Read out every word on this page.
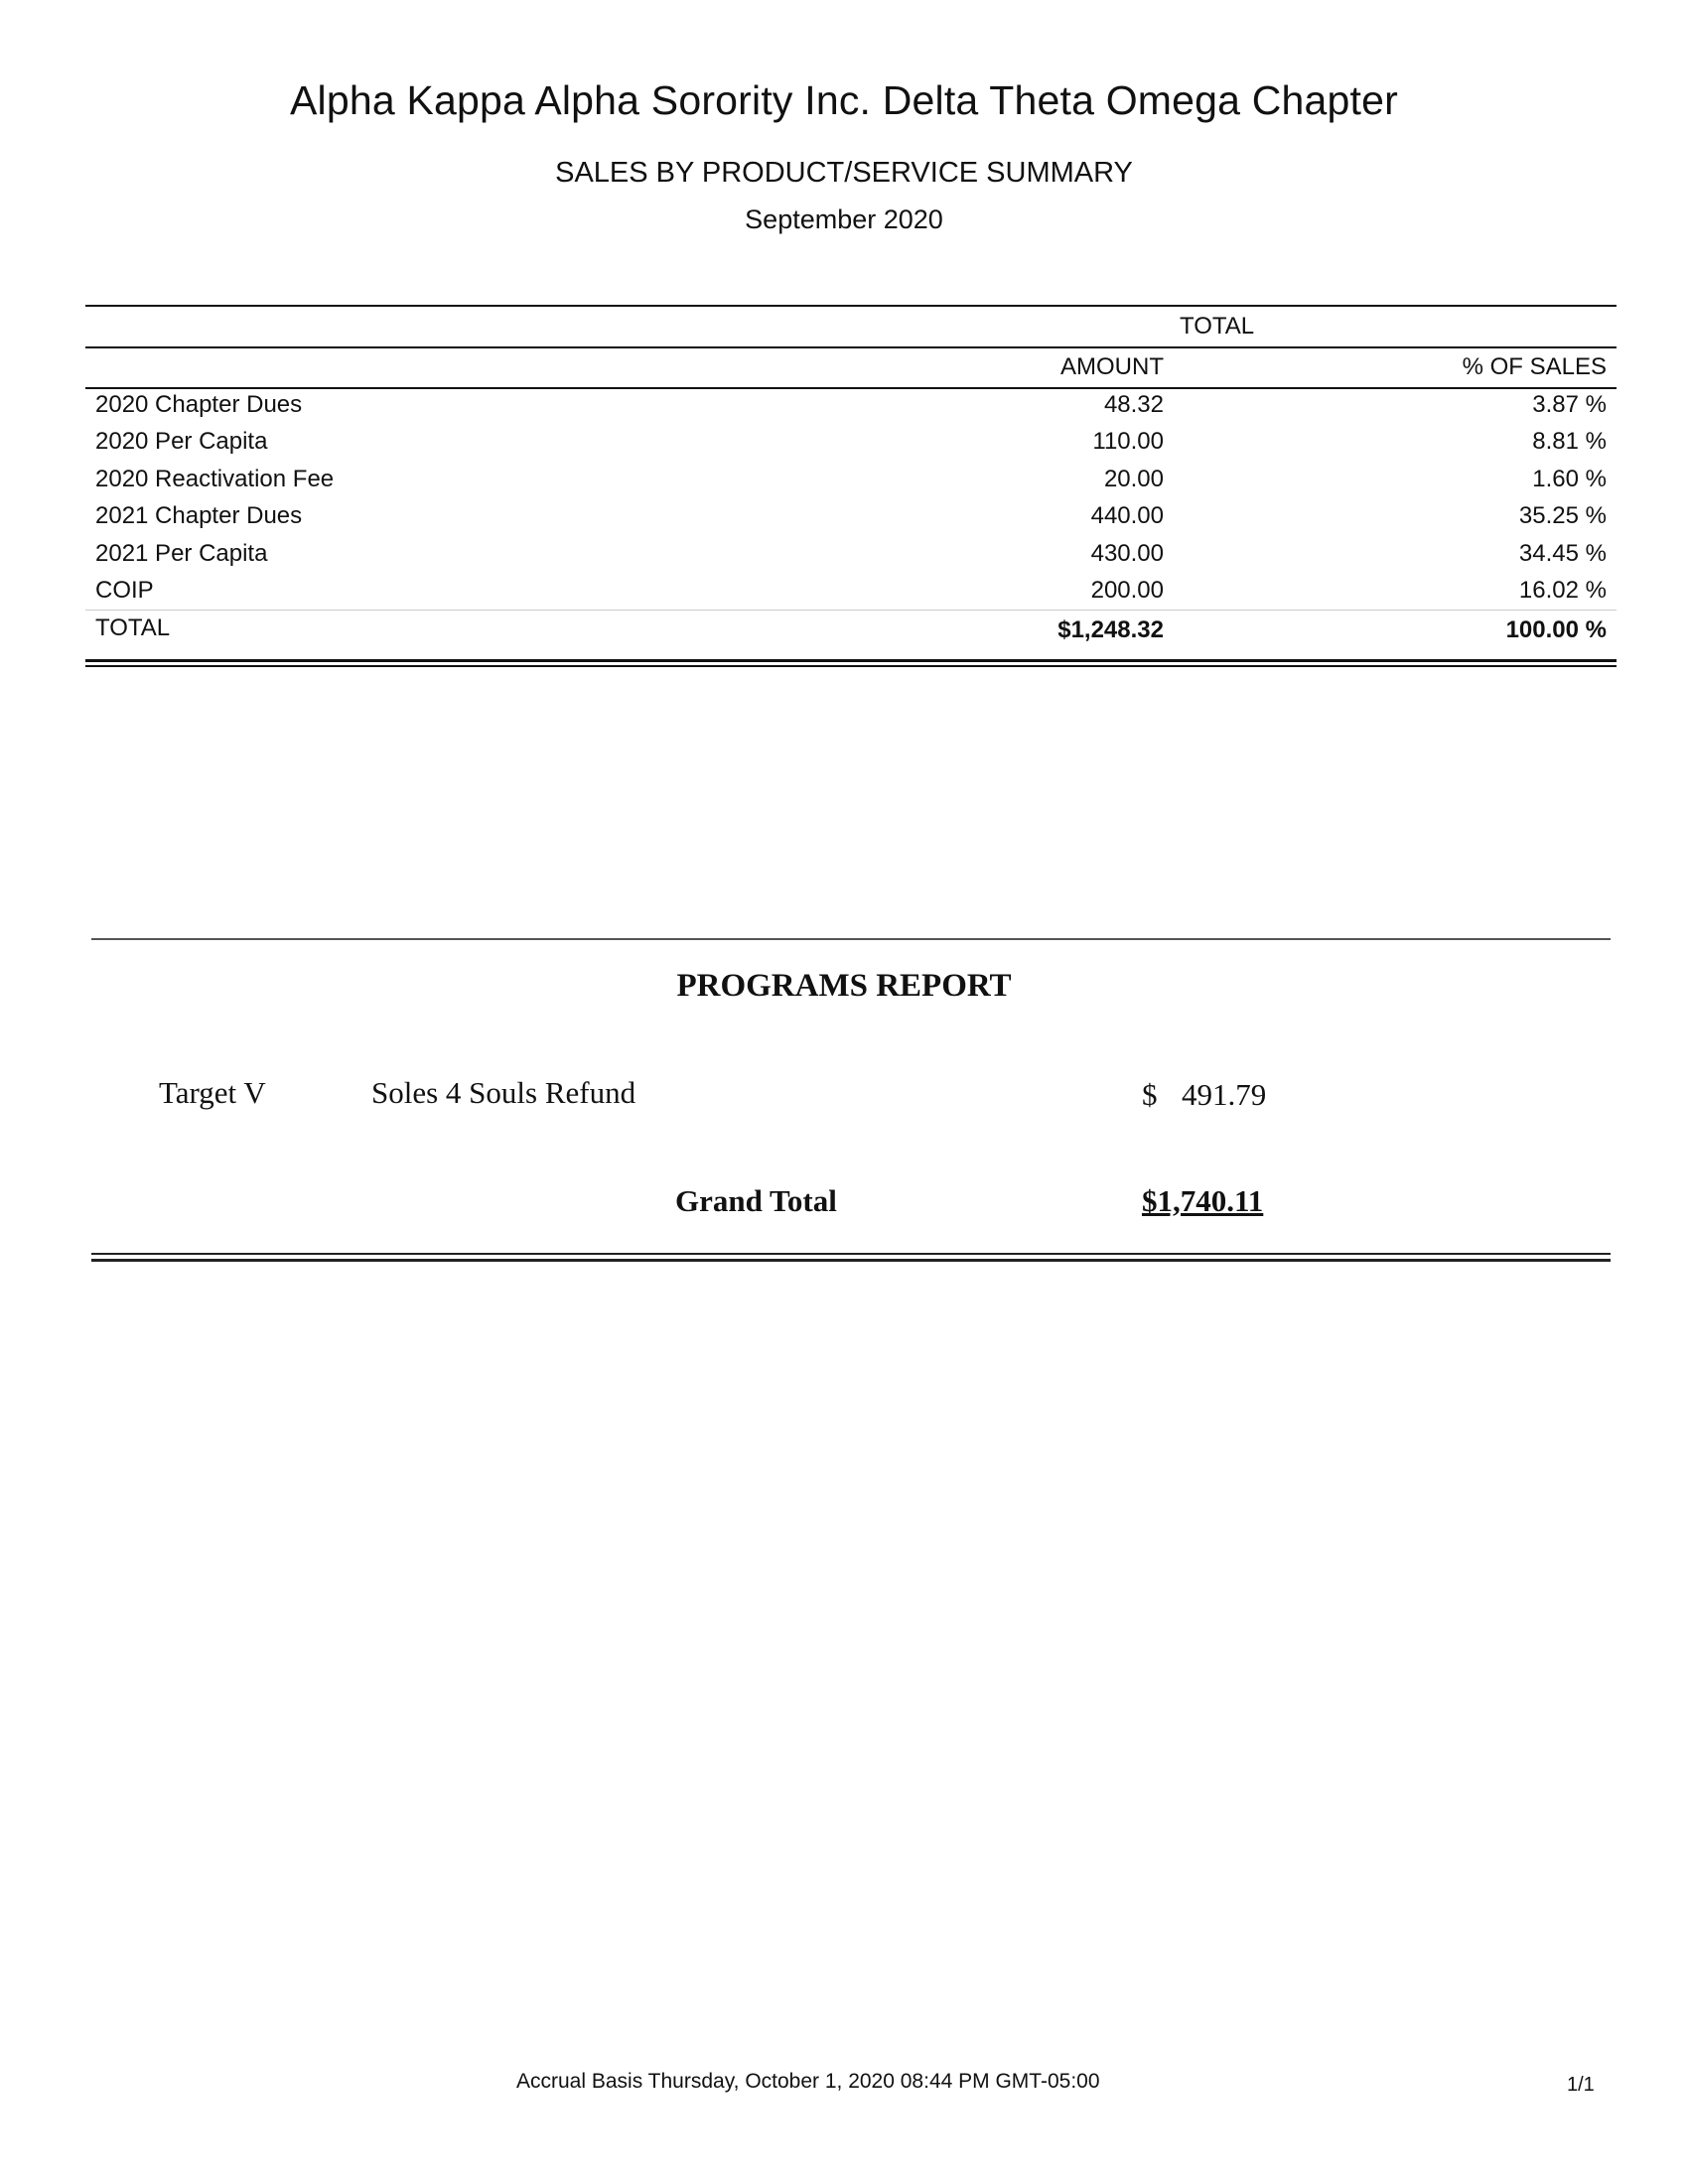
Alpha Kappa Alpha Sorority Inc. Delta Theta Omega Chapter
SALES BY PRODUCT/SERVICE SUMMARY
September 2020
TOTAL
AMOUNT	% OF SALES
2020 Chapter Dues	48.32	3.87 %
2020 Per Capita	110.00	8.81 %
2020 Reactivation Fee	20.00	1.60 %
2021 Chapter Dues	440.00	35.25 %
2021 Per Capita	430.00	34.45 %
COIP	200.00	16.02 %
TOTAL	$1,248.32	100.00 %
PROGRAMS REPORT
Target V	Soles 4 Souls Refund	$ 491.79
Grand Total	$1,740.11
Accrual Basis Thursday, October 1, 2020 08:44 PM GMT-05:00	1/1
